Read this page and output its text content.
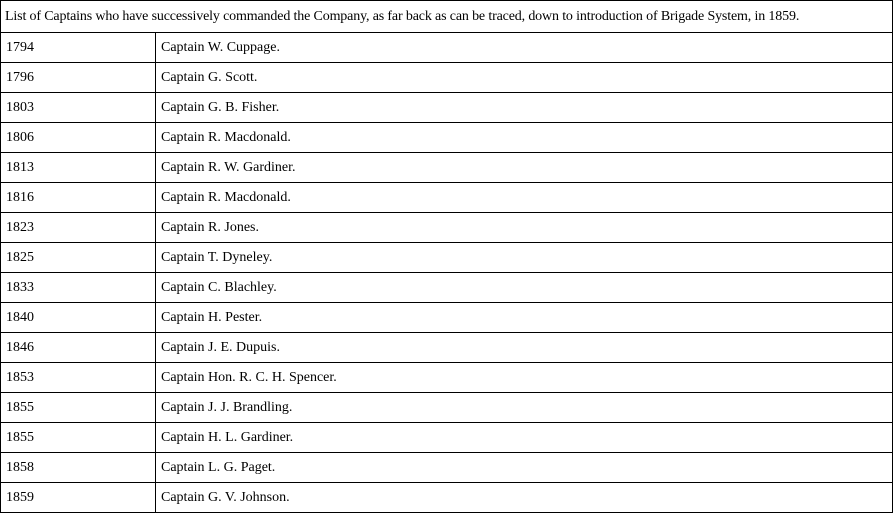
List of Captains who have successively commanded the Company, as far back as can be traced, down to introduction of Brigade System, in 1859.	
1794	Captain W. Cuppage.
1796	Captain G. Scott.
1803	Captain G. B. Fisher.
1806	Captain R. Macdonald.
1813	Captain R. W. Gardiner.
1816	Captain R. Macdonald.
1823	Captain R. Jones.
1825	Captain T. Dyneley.
1833	Captain C. Blachley.
1840	Captain H. Pester.
1846	Captain J. E. Dupuis.
1853	Captain Hon. R. C. H. Spencer.
1855	Captain J. J. Brandling.
1855	Captain H. L. Gardiner.
1858	Captain L. G. Paget.
1859	Captain G. V. Johnson.
